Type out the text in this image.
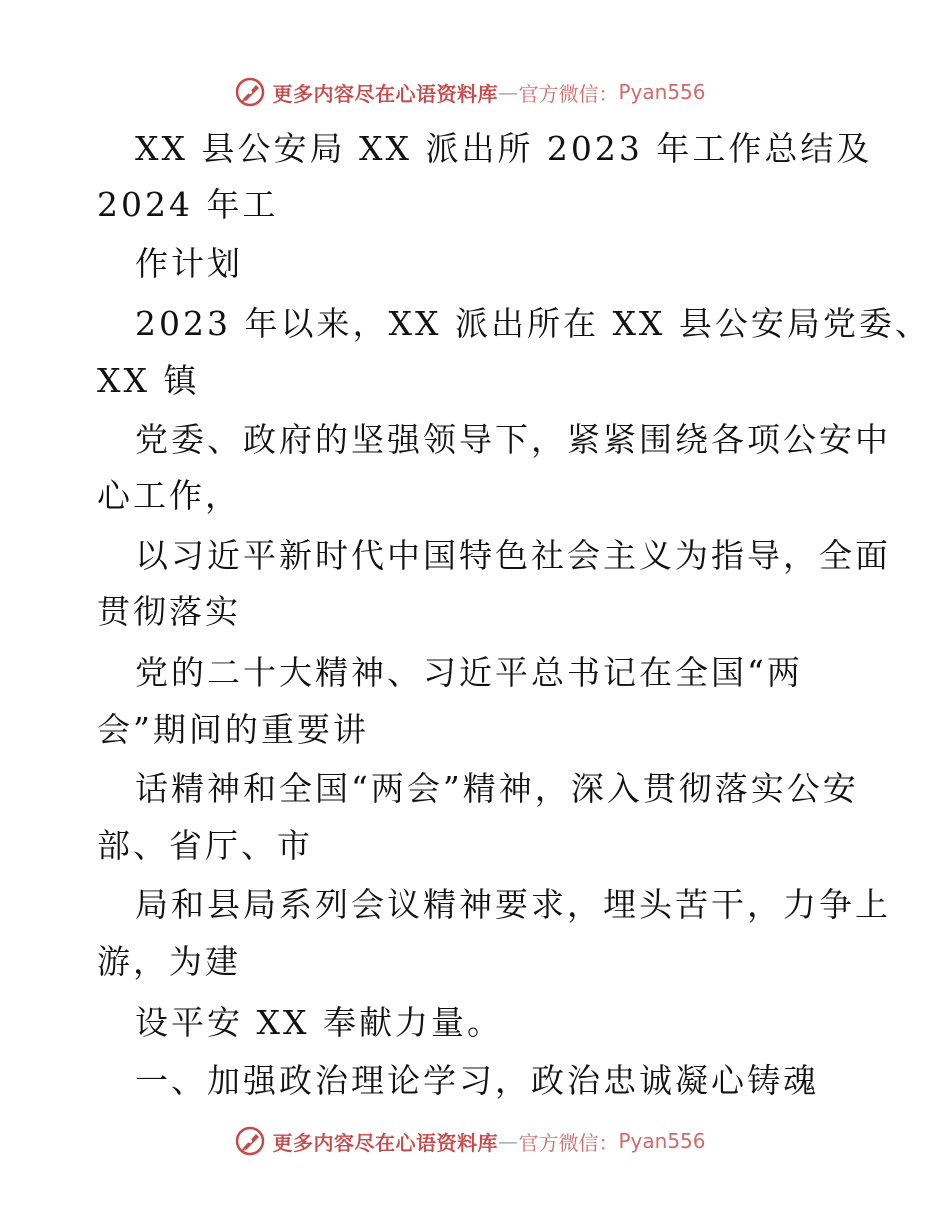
更多内容尽在心语资料库 — 官方微信： Pyan556
XX 县公安局 XX 派出所 2023 年工作总结及
2024 年工
作计划
2023 年以来，XX 派出所在 XX 县公安局党委、
XX 镇
党委、政府的坚强领导下，紧紧围绕各项公安中
心工作，
以习近平新时代中国特色社会主义为指导，全面
贯彻落实
党的二十大精神、习近平总书记在全国“两
会”期间的重要讲
话精神和全国“两会”精神，深入贯彻落实公安
部、省厅、市
局和县局系列会议精神要求，埋头苦干，力争上
游，为建
设平安 XX 奉献力量。
一、加强政治理论学习，政治忠诚凝心铸魂
更多内容尽在心语资料库 — 官方微信： Pyan556
